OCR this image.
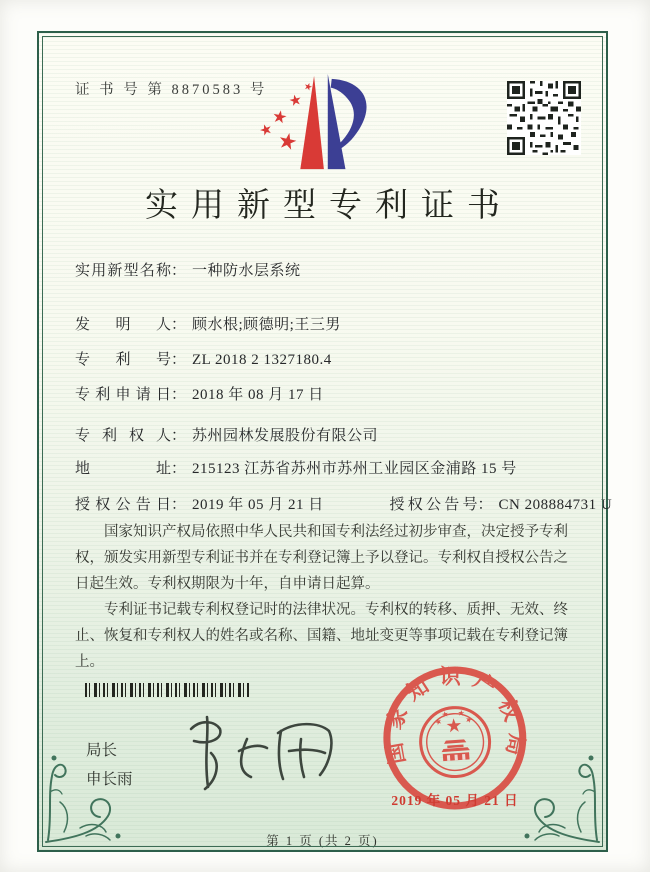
证 书 号 第 8870583 号
实用新型专利证书
实用新型名称： 一种防水层系统
发明人： 顾水根;顾德明;王三男
专利号： ZL 2018 2 1327180.4
专利申请日： 2018 年 08 月 17 日
专利权人： 苏州园林发展股份有限公司
地址： 215123 江苏省苏州市苏州工业园区金浦路 15 号
授权公告日： 2019 年 05 月 21 日	授权公告号： CN 208884731 U

国家知识产权局依照中华人民共和国专利法经过初步审查，决定授予专利权，颁发实用新型专利证书并在专利登记簿上予以登记。专利权自授权公告之日起生效。专利权期限为十年，自申请日起算。

专利证书记载专利权登记时的法律状况。专利权的转移、质押、无效、终止、恢复和专利权人的姓名或名称、国籍、地址变更等事项记载在专利登记簿上。

局长
申长雨
国家知识产权局
2019 年 05 月 21 日
第 1 页 (共 2 页)
